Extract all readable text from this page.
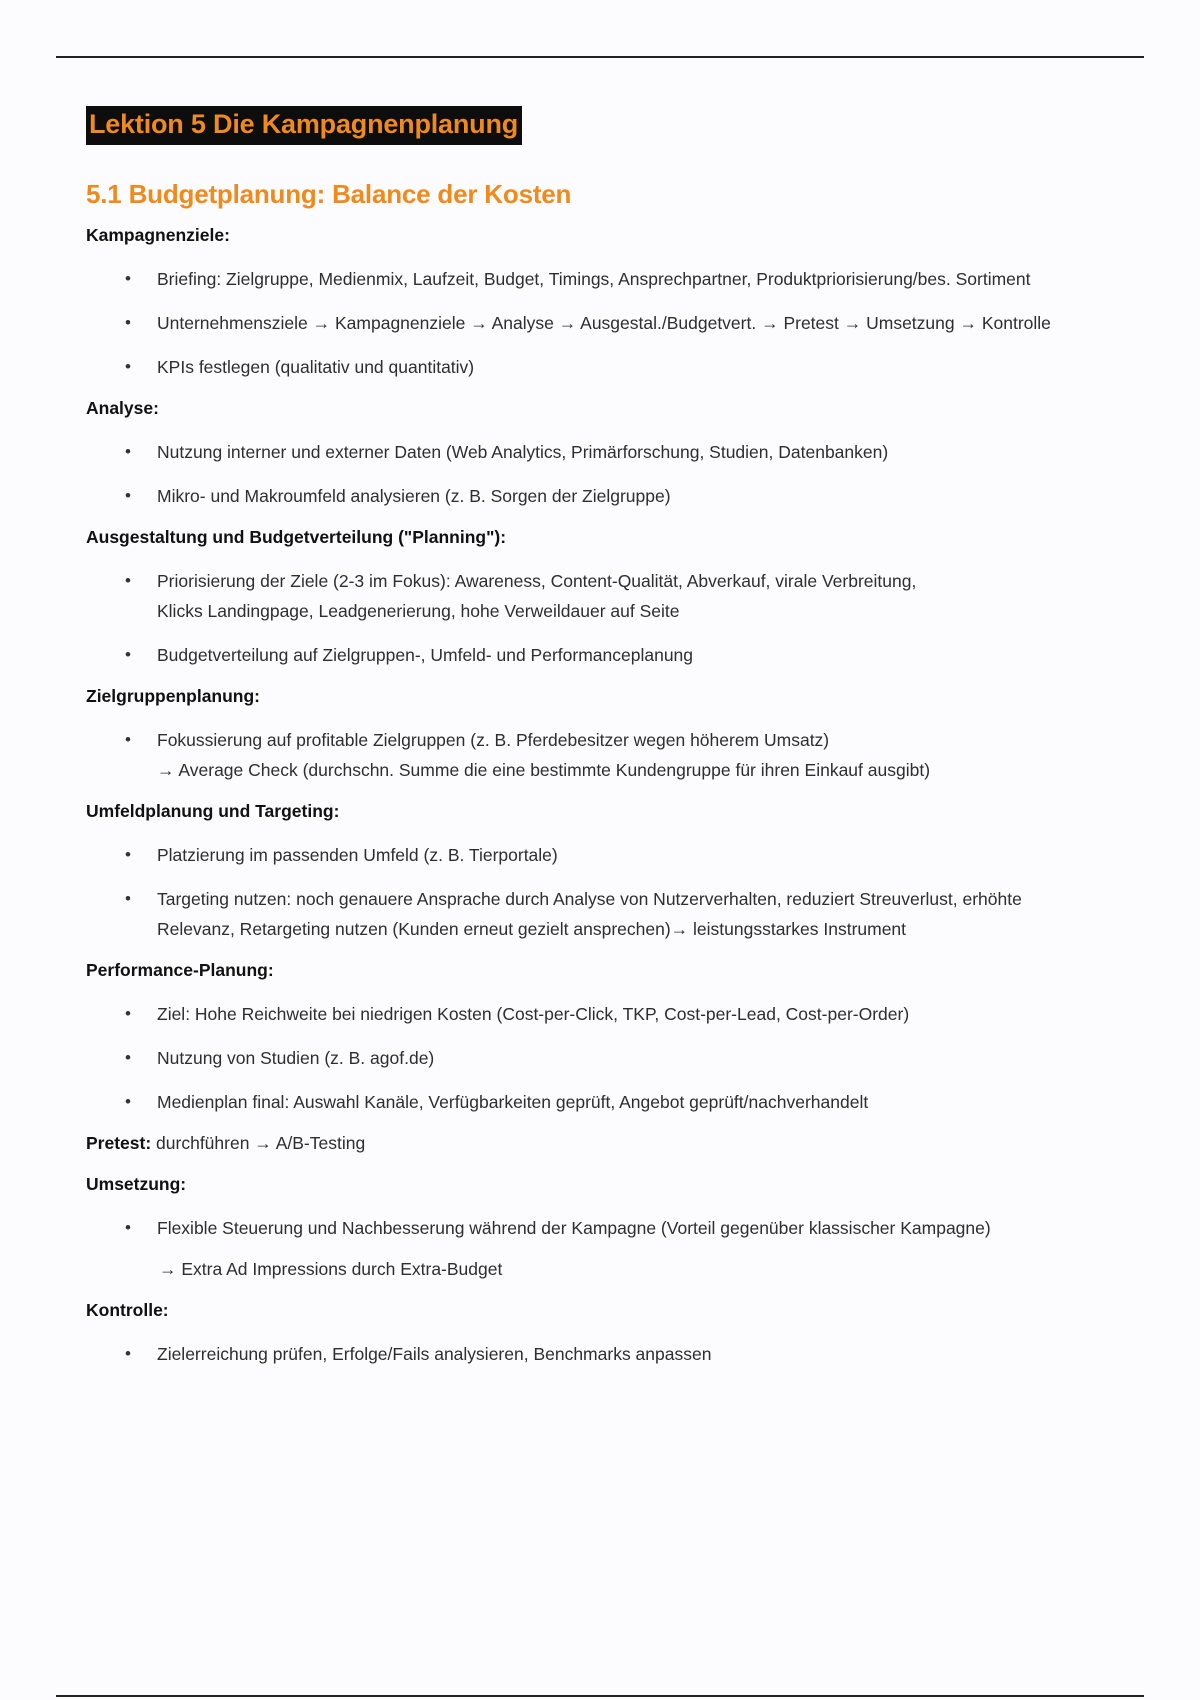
Lektion 5 Die Kampagnenplanung
5.1 Budgetplanung: Balance der Kosten
Kampagnenziele:
• Briefing: Zielgruppe, Medienmix, Laufzeit, Budget, Timings, Ansprechpartner, Produktpriorisierung/bes. Sortiment
• Unternehmensziele → Kampagnenziele → Analyse → Ausgestal./Budgetvert. → Pretest → Umsetzung → Kontrolle
• KPIs festlegen (qualitativ und quantitativ)
Analyse:
• Nutzung interner und externer Daten (Web Analytics, Primärforschung, Studien, Datenbanken)
• Mikro- und Makroumfeld analysieren (z. B. Sorgen der Zielgruppe)
Ausgestaltung und Budgetverteilung ("Planning"):
• Priorisierung der Ziele (2-3 im Fokus): Awareness, Content-Qualität, Abverkauf, virale Verbreitung,
Klicks Landingpage, Leadgenerierung, hohe Verweildauer auf Seite
• Budgetverteilung auf Zielgruppen-, Umfeld- und Performanceplanung
Zielgruppenplanung:
• Fokussierung auf profitable Zielgruppen (z. B. Pferdebesitzer wegen höherem Umsatz)
→ Average Check (durchschn. Summe die eine bestimmte Kundengruppe für ihren Einkauf ausgibt)
Umfeldplanung und Targeting:
• Platzierung im passenden Umfeld (z. B. Tierportale)
• Targeting nutzen: noch genauere Ansprache durch Analyse von Nutzerverhalten, reduziert Streuverlust, erhöhte
Relevanz, Retargeting nutzen (Kunden erneut gezielt ansprechen)→ leistungsstarkes Instrument
Performance-Planung:
• Ziel: Hohe Reichweite bei niedrigen Kosten (Cost-per-Click, TKP, Cost-per-Lead, Cost-per-Order)
• Nutzung von Studien (z. B. agof.de)
• Medienplan final: Auswahl Kanäle, Verfügbarkeiten geprüft, Angebot geprüft/nachverhandelt
Pretest: durchführen → A/B-Testing
Umsetzung:
• Flexible Steuerung und Nachbesserung während der Kampagne (Vorteil gegenüber klassischer Kampagne)
→ Extra Ad Impressions durch Extra-Budget
Kontrolle:
• Zielerreichung prüfen, Erfolge/Fails analysieren, Benchmarks anpassen
